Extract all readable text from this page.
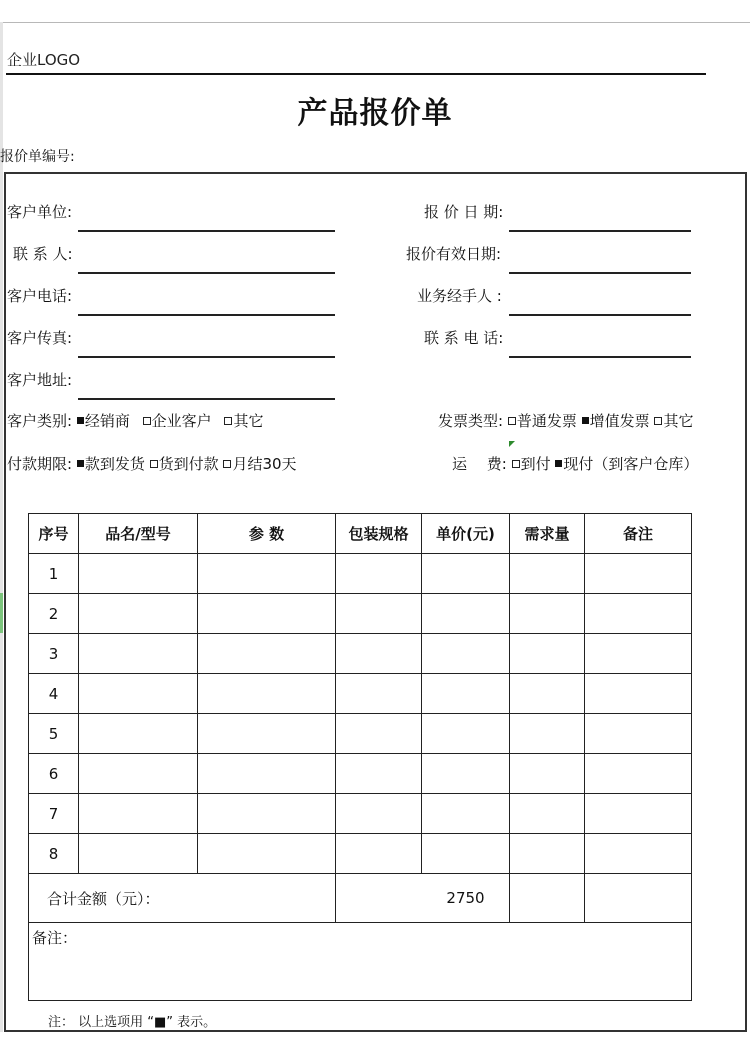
企业LOGO
产品报价单
报价单编号:
客户单位:
联 系 人:
客户电话:
客户传真:
客户地址:
报 价 日 期:
报价有效日期:
业务经手人 :
联 系 电 话:
客户类别: 经销商 企业客户 其它
付款期限: 款到发货 货到付款 月结30天
发票类型: 普通发票 增值发票 其它
运　 费: 到付 现付（到客户仓库）
序号	品名/型号	参 数	包装规格	单价(元)	需求量	备注
1						
2						
3						
4						
5						
6						
7						
8						
合计金额（元）：			2750			
备注：						
注： 以上选项用 “■” 表示。
